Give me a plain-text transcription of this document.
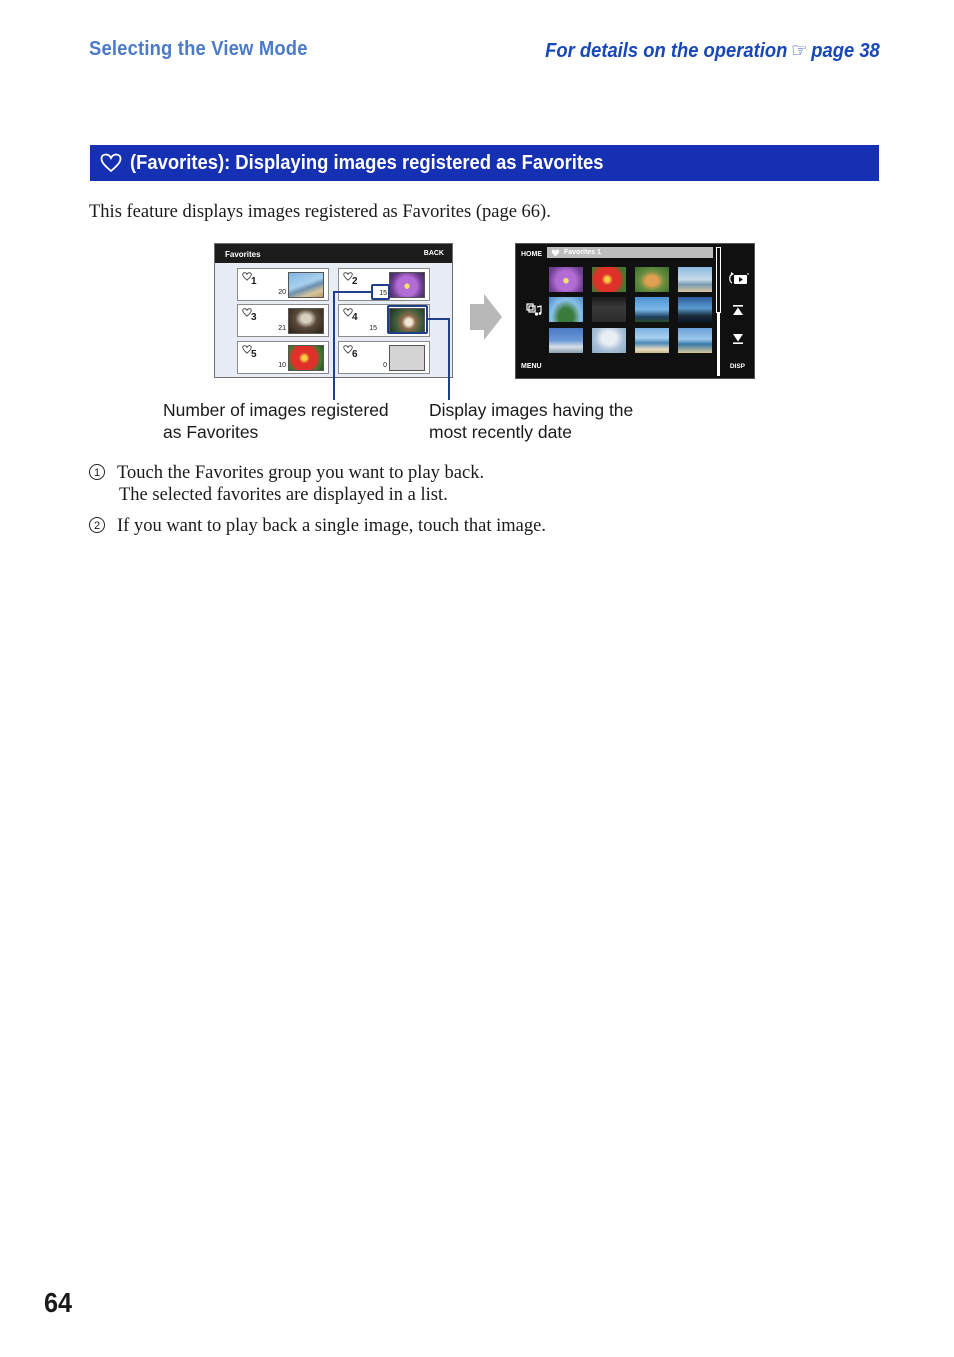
Selecting the View Mode	For details on the operation ☞ page 38
(Favorites): Displaying images registered as Favorites
This feature displays images registered as Favorites (page 66).
Favorites	BACK
1
20
2
15
3
21
4
15
5
10
6
0
HOME	Favorites 1
MENU	DISP
Number of images registered
as Favorites
Display images having the
most recently date
1 Touch the Favorites group you want to play back.
The selected favorites are displayed in a list.
2 If you want to play back a single image, touch that image.
64
